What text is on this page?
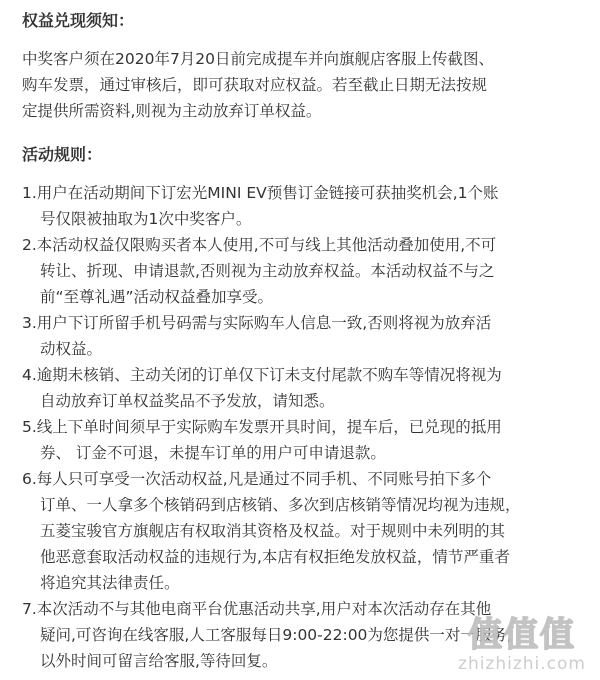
权益兑现须知：

中奖客户须在2020年7月20日前完成提车并向旗舰店客服上传截图、
购车发票，通过审核后，即可获取对应权益。若至截止日期无法按规
定提供所需资料,则视为主动放弃订单权益。

活动规则：

1.用户在活动期间下订宏光MINI EV预售订金链接可获抽奖机会,1个账
号仅限被抽取为1次中奖客户。

2.本活动权益仅限购买者本人使用,不可与线上其他活动叠加使用,不可
转让、折现、申请退款,否则视为主动放弃权益。本活动权益不与之
前“至尊礼遇”活动权益叠加享受。

3.用户下订所留手机号码需与实际购车人信息一致,否则将视为放弃活
动权益。

4.逾期未核销、主动关闭的订单仅下订未支付尾款不购车等情况将视为
自动放弃订单权益奖品不予发放，请知悉。

5.线上下单时间须早于实际购车发票开具时间，提车后，已兑现的抵用
券、 订金不可退，未提车订单的用户可申请退款。

6.每人只可享受一次活动权益,凡是通过不同手机、不同账号拍下多个
订单、一人拿多个核销码到店核销、多次到店核销等情况均视为违规，
五菱宝骏官方旗舰店有权取消其资格及权益。对于规则中未列明的其
他恶意套取活动权益的违规行为,本店有权拒绝发放权益，情节严重者
将追究其法律责任。

7.本次活动不与其他电商平台优惠活动共享,用户对本次活动存在其他
疑问,可咨询在线客服,人工客服每日9:00-22:00为您提供一对一服务,
以外时间可留言给客服,等待回复。

值值值
zhizhizhi.com
